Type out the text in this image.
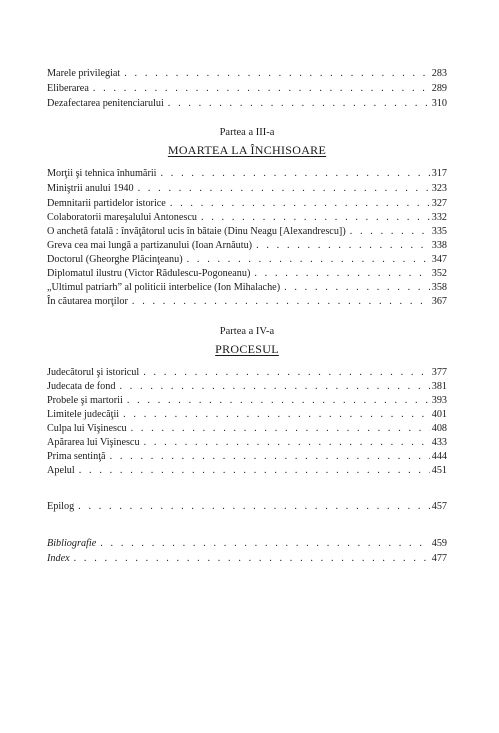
Marele privilegiat . . .	283
Eliberarea . . .	289
Dezafectarea penitenciarului . . .	310
Partea a III-a
MOARTEA LA ÎNCHISOARE
Morţii şi tehnica înhumării . . .	317
Miniştrii anului 1940 . . .	323
Demnitarii partidelor istorice . . .	327
Colaboratorii mareşalului Antonescu . . .	332
O anchetă fatală : învăţătorul ucis în bătaie (Dinu Neagu [Alexandrescu]) . . .	335
Greva cea mai lungă a partizanului (Ioan Arnăutu) . . .	338
Doctorul (Gheorghe Plăcinţeanu) . . .	347
Diplomatul ilustru (Victor Rădulescu-Pogoneanu) . . .	352
„Ultimul patriarh” al politicii interbelice (Ion Mihalache) . . .	358
În căutarea morţilor . . .	367
Partea a IV-a
PROCESUL
Judecătorul şi istoricul . . .	377
Judecata de fond . . .	381
Probele şi martorii . . .	393
Limitele judecăţii . . .	401
Culpa lui Vişinescu . . .	408
Apărarea lui Vişinescu . . .	433
Prima sentinţă . . .	444
Apelul . . .	451
Epilog . . .	457
Bibliografie . . .	459
Index . . .	477
